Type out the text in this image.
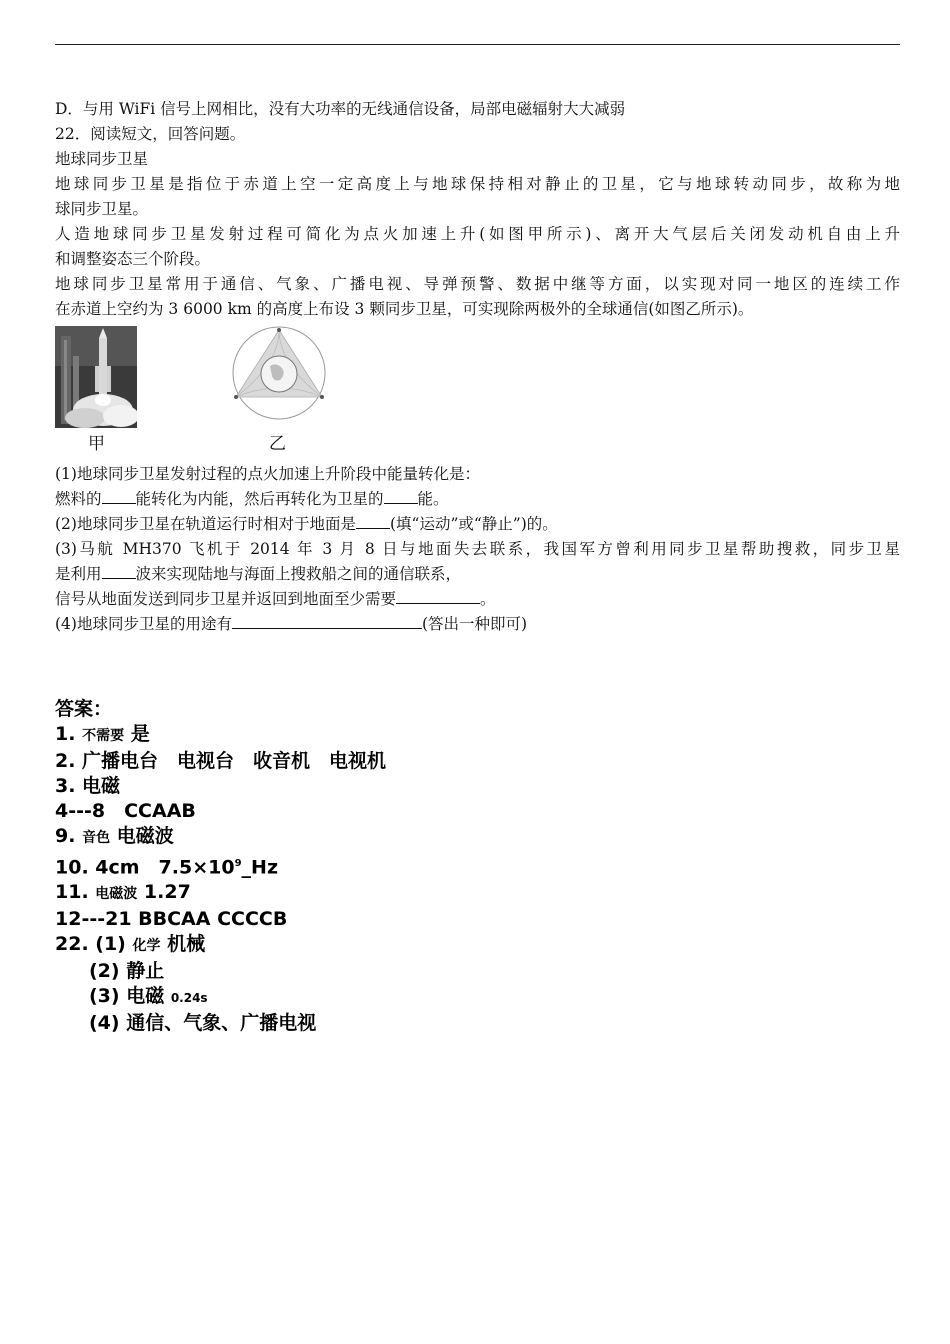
D．与用 WiFi 信号上网相比，没有大功率的无线通信设备，局部电磁辐射大大减弱
22．阅读短文，回答问题。
地球同步卫星
地球同步卫星是指位于赤道上空一定高度上与地球保持相对静止的卫星，它与地球转动同步，故称为地
球同步卫星。
人造地球同步卫星发射过程可简化为点火加速上升(如图甲所示)、离开大气层后关闭发动机自由上升
和调整姿态三个阶段。
地球同步卫星常用于通信、气象、广播电视、导弹预警、数据中继等方面，以实现对同一地区的连续工作
在赤道上空约为 3 6000 km 的高度上布设 3 颗同步卫星，可实现除两极外的全球通信(如图乙所示)。
甲	乙
(1)地球同步卫星发射过程的点火加速上升阶段中能量转化是：
燃料的 能转化为内能，然后再转化为卫星的 能。
(2)地球同步卫星在轨道运行时相对于地面是 (填“运动”或“静止”)的。
(3)马航 MH370 飞机于 2014 年 3 月 8 日与地面失去联系，我国军方曾利用同步卫星帮助搜救，同步卫星
是利用 波来实现陆地与海面上搜救船之间的通信联系，
信号从地面发送到同步卫星并返回到地面至少需要	。
(4)地球同步卫星的用途有	(答出一种即可)
答案：
1. 不需要 是
2. 广播电台　电视台　收音机　电视机
3. 电磁
4---8　CCAAB
9. 音色 电磁波
10. 4cm　$7.5\times 10^9\_Hz$
11. 电磁波 1.27
12---21 BBCAA CCCCB
22. (1) 化学 机械
(2) 静止
(3) 电磁 0.24s
(4) 通信、气象、广播电视
